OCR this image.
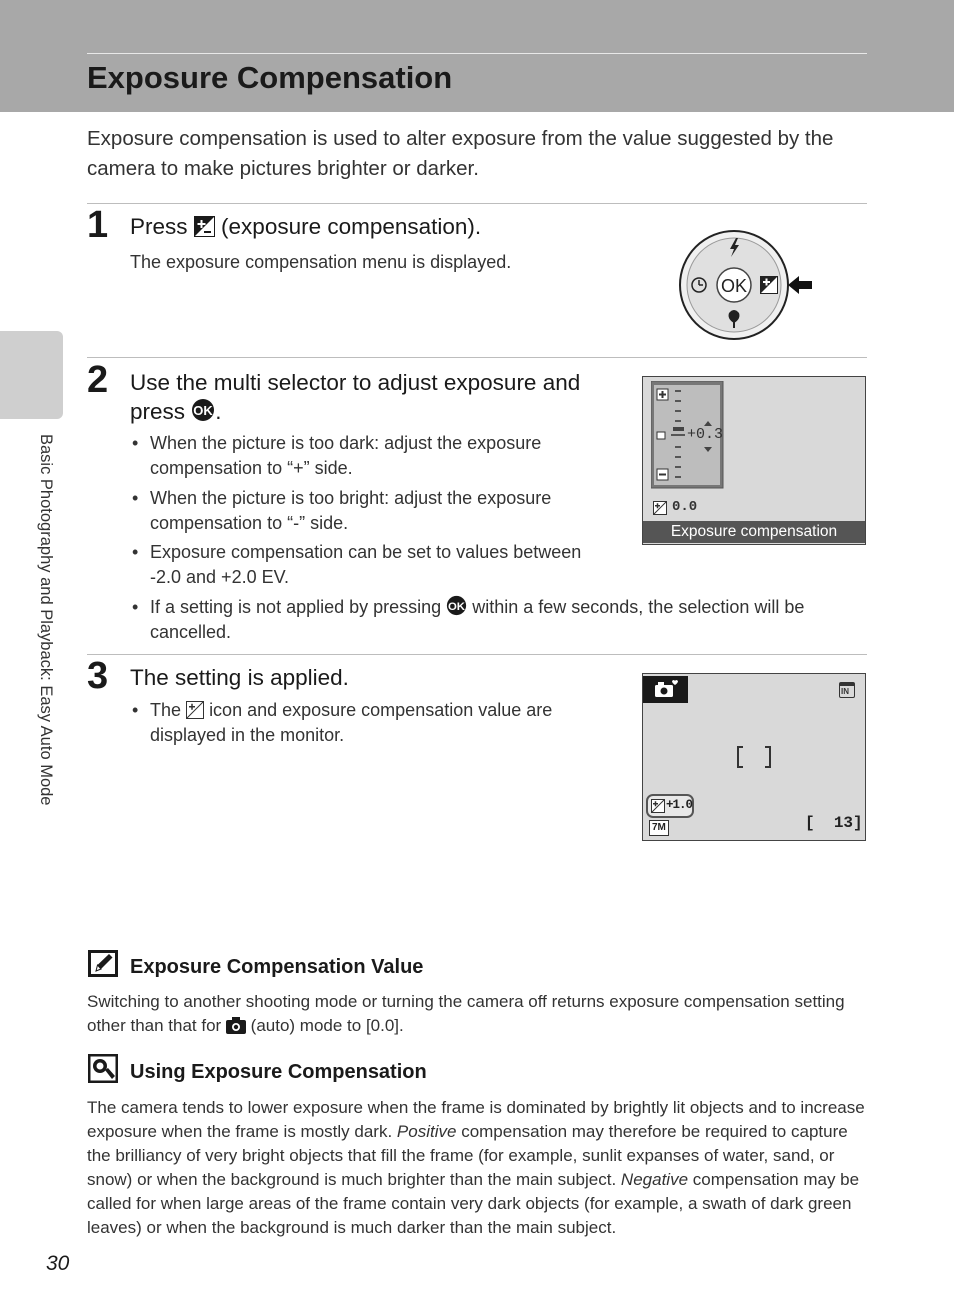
Exposure Compensation
Basic Photography and Playback: Easy Auto Mode

Exposure compensation is used to alter exposure from the value suggested by the camera to make pictures brighter or darker.

1 Press (exposure compensation).

The exposure compensation menu is displayed.

OK
2 Use the multi selector to adjust exposure and
press OK .
• When the picture is too dark: adjust the exposure compensation to “+” side.
• When the picture is too bright: adjust the exposure compensation to “-” side.
• Exposure compensation can be set to values between -2.0 and +2.0 EV.
• If a setting is not applied by pressing OK within a few seconds, the selection will be cancelled.
+0.3
0.0
Exposure compensation
3 The setting is applied.

• The icon and exposure compensation value are displayed in the monitor.
IN
+1.0
7M	[  13]

Exposure Compensation Value

Switching to another shooting mode or turning the camera off returns exposure compensation setting other than that for (auto) mode to [0.0].

Using Exposure Compensation

The camera tends to lower exposure when the frame is dominated by brightly lit objects and to increase exposure when the frame is mostly dark. Positive compensation may therefore be required to capture the brilliancy of very bright objects that fill the frame (for example, sunlit expanses of water, sand, or snow) or when the background is much brighter than the main subject. Negative compensation may be called for when large areas of the frame contain very dark objects (for example, a swath of dark green leaves) or when the background is much darker than the main subject.

30
